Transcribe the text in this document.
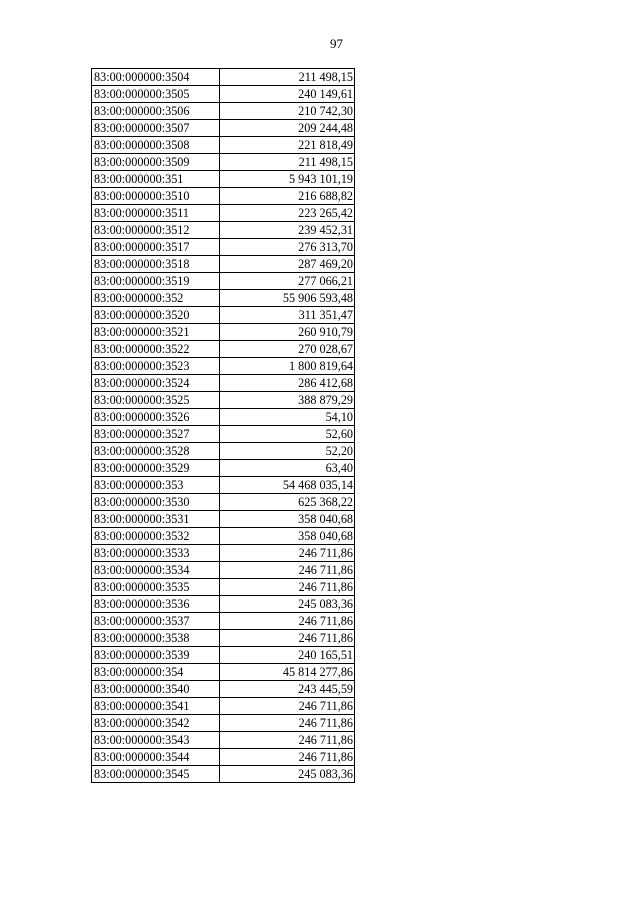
97
83:00:000000:3504	211 498,15
83:00:000000:3505	240 149,61
83:00:000000:3506	210 742,30
83:00:000000:3507	209 244,48
83:00:000000:3508	221 818,49
83:00:000000:3509	211 498,15
83:00:000000:351	5 943 101,19
83:00:000000:3510	216 688,82
83:00:000000:3511	223 265,42
83:00:000000:3512	239 452,31
83:00:000000:3517	276 313,70
83:00:000000:3518	287 469,20
83:00:000000:3519	277 066,21
83:00:000000:352	55 906 593,48
83:00:000000:3520	311 351,47
83:00:000000:3521	260 910,79
83:00:000000:3522	270 028,67
83:00:000000:3523	1 800 819,64
83:00:000000:3524	286 412,68
83:00:000000:3525	388 879,29
83:00:000000:3526	54,10
83:00:000000:3527	52,60
83:00:000000:3528	52,20
83:00:000000:3529	63,40
83:00:000000:353	54 468 035,14
83:00:000000:3530	625 368,22
83:00:000000:3531	358 040,68
83:00:000000:3532	358 040,68
83:00:000000:3533	246 711,86
83:00:000000:3534	246 711,86
83:00:000000:3535	246 711,86
83:00:000000:3536	245 083,36
83:00:000000:3537	246 711,86
83:00:000000:3538	246 711,86
83:00:000000:3539	240 165,51
83:00:000000:354	45 814 277,86
83:00:000000:3540	243 445,59
83:00:000000:3541	246 711,86
83:00:000000:3542	246 711,86
83:00:000000:3543	246 711,86
83:00:000000:3544	246 711,86
83:00:000000:3545	245 083,36
